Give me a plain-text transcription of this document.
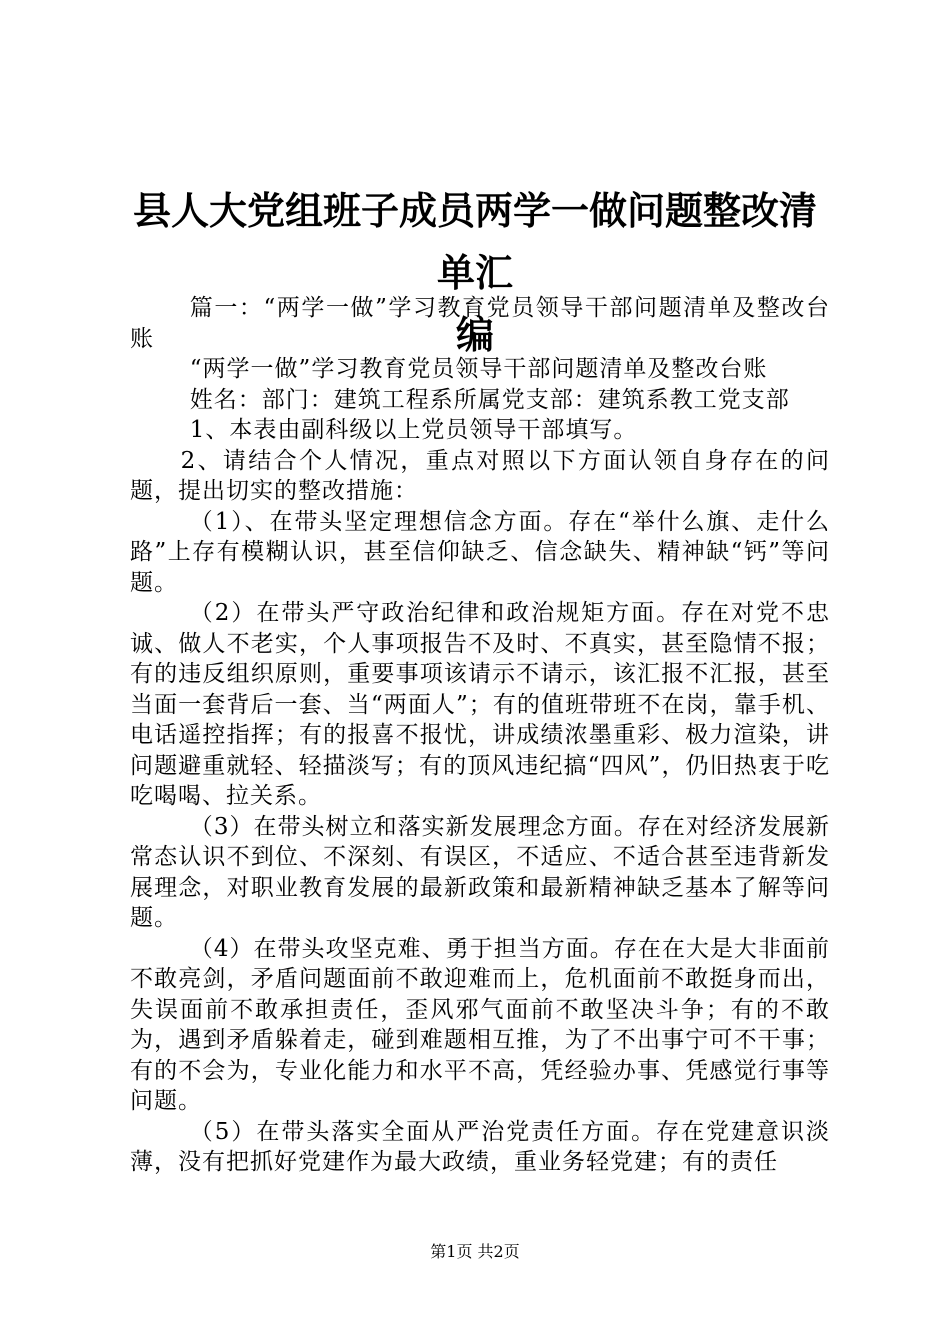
县人大党组班子成员两学一做问题整改清单汇
编

篇一：“两学一做”学习教育党员领导干部问题清单及整改台账

“两学一做”学习教育党员领导干部问题清单及整改台账

姓名：部门：建筑工程系所属党支部：建筑系教工党支部

1、本表由副科级以上党员领导干部填写。

2、请结合个人情况，重点对照以下方面认领自身存在的问题，提出切实的整改措施：

（1）、在带头坚定理想信念方面。存在“举什么旗、走什么路”上存有模糊认识，甚至信仰缺乏、信念缺失、精神缺“钙”等问题。

（2）在带头严守政治纪律和政治规矩方面。存在对党不忠诚、做人不老实，个人事项报告不及时、不真实，甚至隐情不报；有的违反组织原则，重要事项该请示不请示，该汇报不汇报，甚至当面一套背后一套、当“两面人”；有的值班带班不在岗，靠手机、电话遥控指挥；有的报喜不报忧，讲成绩浓墨重彩、极力渲染，讲问题避重就轻、轻描淡写；有的顶风违纪搞“四风”，仍旧热衷于吃吃喝喝、拉关系。

（3）在带头树立和落实新发展理念方面。存在对经济发展新常态认识不到位、不深刻、有误区，不适应、不适合甚至违背新发展理念，对职业教育发展的最新政策和最新精神缺乏基本了解等问题。

（4）在带头攻坚克难、勇于担当方面。存在在大是大非面前不敢亮剑，矛盾问题面前不敢迎难而上，危机面前不敢挺身而出，失误面前不敢承担责任，歪风邪气面前不敢坚决斗争；有的不敢为，遇到矛盾躲着走，碰到难题相互推，为了不出事宁可不干事；有的不会为，专业化能力和水平不高，凭经验办事、凭感觉行事等问题。

（5）在带头落实全面从严治党责任方面。存在党建意识淡薄，没有把抓好党建作为最大政绩，重业务轻党建；有的责任

第1页 共2页
